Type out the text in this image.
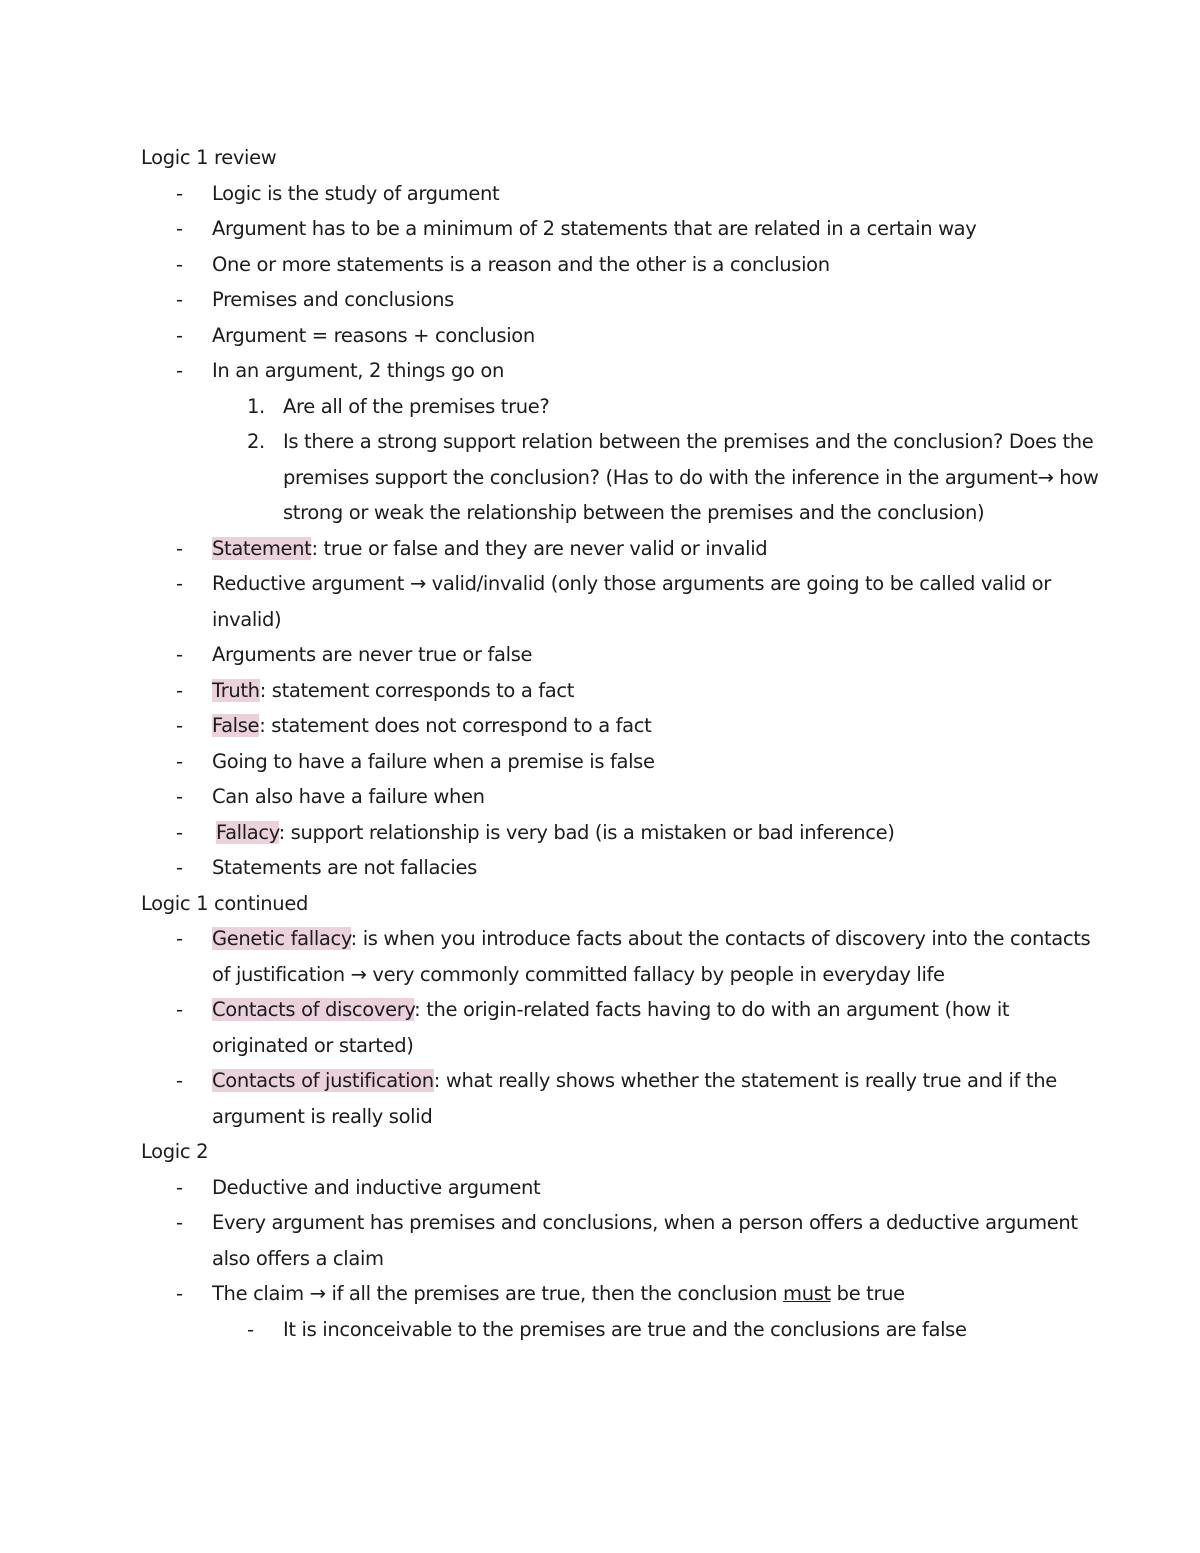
Logic 1 review
- Logic is the study of argument
- Argument has to be a minimum of 2 statements that are related in a certain way
- One or more statements is a reason and the other is a conclusion
- Premises and conclusions
- Argument = reasons + conclusion
- In an argument, 2 things go on
1. Are all of the premises true?
2. Is there a strong support relation between the premises and the conclusion? Does the premises support the conclusion? (Has to do with the inference in the argument→ how strong or weak the relationship between the premises and the conclusion)
- Statement: true or false and they are never valid or invalid
- Reductive argument → valid/invalid (only those arguments are going to be called valid or invalid)
- Arguments are never true or false
- Truth: statement corresponds to a fact
- False: statement does not correspond to a fact
- Going to have a failure when a premise is false
- Can also have a failure when
- Fallacy: support relationship is very bad (is a mistaken or bad inference)
- Statements are not fallacies
Logic 1 continued
- Genetic fallacy: is when you introduce facts about the contacts of discovery into the contacts of justification → very commonly committed fallacy by people in everyday life
- Contacts of discovery: the origin-related facts having to do with an argument (how it originated or started)
- Contacts of justification: what really shows whether the statement is really true and if the argument is really solid
Logic 2
- Deductive and inductive argument
- Every argument has premises and conclusions, when a person offers a deductive argument also offers a claim
- The claim → if all the premises are true, then the conclusion must be true
- It is inconceivable to the premises are true and the conclusions are false
